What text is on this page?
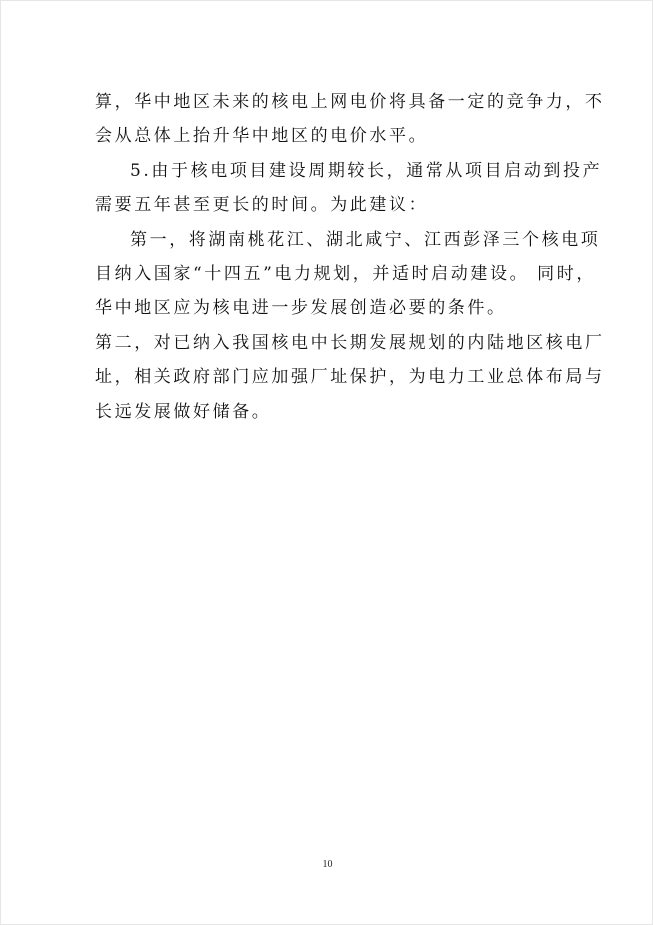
算，华中地区未来的核电上网电价将具备一定的竞争力，不
会从总体上抬升华中地区的电价水平。
5.由于核电项目建设周期较长，通常从项目启动到投产
需要五年甚至更长的时间。为此建议：
第一，将湖南桃花江、湖北咸宁、江西彭泽三个核电项
目纳入国家“十四五”电力规划，并适时启动建设。 同时，
华中地区应为核电进一步发展创造必要的条件。
第二，对已纳入我国核电中长期发展规划的内陆地区核电厂
址，相关政府部门应加强厂址保护，为电力工业总体布局与
长远发展做好储备。
10
